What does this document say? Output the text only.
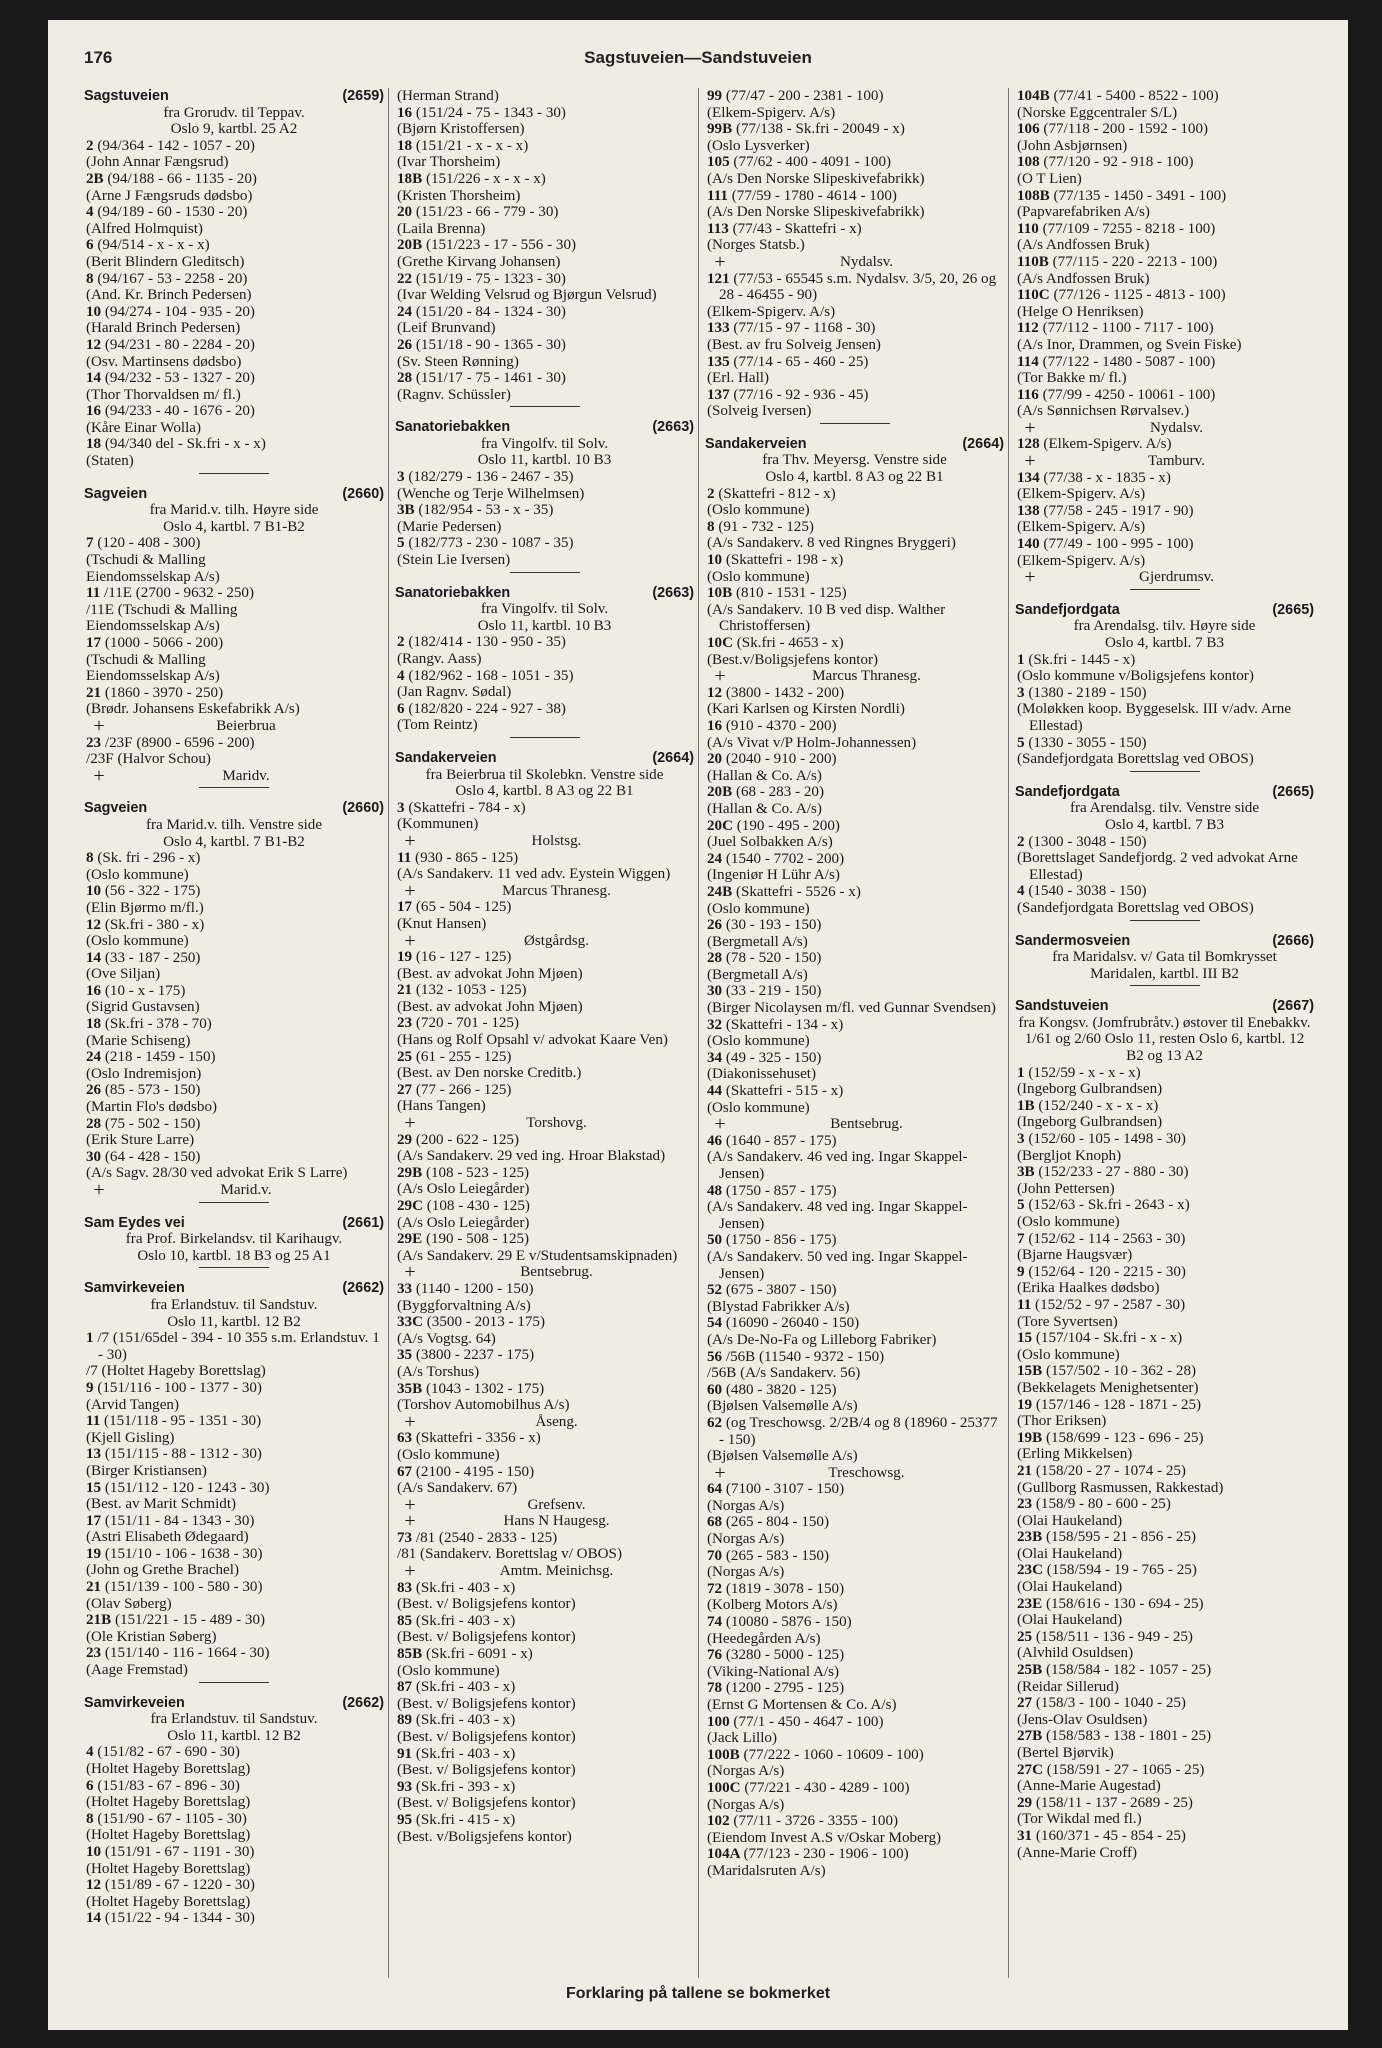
176	Sagstuveien—Sandstuveien
Sagstuveien	(2659)
fra Grorudv. til Teppav.
Oslo 9, kartbl. 25 A2
2 (94/364 - 142 - 1057 - 20)
(John Annar Fængsrud)
2B (94/188 - 66 - 1135 - 20)
(Arne J Fængsruds dødsbo)
4 (94/189 - 60 - 1530 - 20)
(Alfred Holmquist)
6 (94/514 - x - x - x)
(Berit Blindern Gleditsch)
8 (94/167 - 53 - 2258 - 20)
(And. Kr. Brinch Pedersen)
10 (94/274 - 104 - 935 - 20)
(Harald Brinch Pedersen)
12 (94/231 - 80 - 2284 - 20)
(Osv. Martinsens dødsbo)
14 (94/232 - 53 - 1327 - 20)
(Thor Thorvaldsen m/ fl.)
16 (94/233 - 40 - 1676 - 20)
(Kåre Einar Wolla)
18 (94/340 del - Sk.fri - x - x)
(Staten)
Sagveien	(2660)
fra Marid.v. tilh. Høyre side
Oslo 4, kartbl. 7 B1-B2
7 (120 - 408 - 300)
(Tschudi & Malling
Eiendomsselskap A/s)
11 /11E (2700 - 9632 - 250)
/11E (Tschudi & Malling
Eiendomsselskap A/s)
17 (1000 - 5066 - 200)
(Tschudi & Malling
Eiendomsselskap A/s)
21 (1860 - 3970 - 250)
(Brødr. Johansens Eskefabrikk A/s)
+	Beierbrua
23 /23F (8900 - 6596 - 200)
/23F (Halvor Schou)
+	Maridv.
Sagveien	(2660)
fra Marid.v. tilh. Venstre side
Oslo 4, kartbl. 7 B1-B2
8 (Sk. fri - 296 - x)
(Oslo kommune)
10 (56 - 322 - 175)
(Elin Bjørmo m/fl.)
12 (Sk.fri - 380 - x)
(Oslo kommune)
14 (33 - 187 - 250)
(Ove Siljan)
16 (10 - x - 175)
(Sigrid Gustavsen)
18 (Sk.fri - 378 - 70)
(Marie Schiseng)
24 (218 - 1459 - 150)
(Oslo Indremisjon)
26 (85 - 573 - 150)
(Martin Flo's dødsbo)
28 (75 - 502 - 150)
(Erik Sture Larre)
30 (64 - 428 - 150)
(A/s Sagv. 28/30 ved advokat Erik S Larre)
+	Marid.v.
Sam Eydes vei	(2661)
fra Prof. Birkelandsv. til Karihaugv.
Oslo 10, kartbl. 18 B3 og 25 A1
Samvirkeveien	(2662)
fra Erlandstuv. til Sandstuv.
Oslo 11, kartbl. 12 B2
1 /7 (151/65del - 394 - 10 355 s.m. Erlandstuv. 1 - 30)
/7 (Holtet Hageby Borettslag)
9 (151/116 - 100 - 1377 - 30)
(Arvid Tangen)
11 (151/118 - 95 - 1351 - 30)
(Kjell Gisling)
13 (151/115 - 88 - 1312 - 30)
(Birger Kristiansen)
15 (151/112 - 120 - 1243 - 30)
(Best. av Marit Schmidt)
17 (151/11 - 84 - 1343 - 30)
(Astri Elisabeth Ødegaard)
19 (151/10 - 106 - 1638 - 30)
(John og Grethe Brachel)
21 (151/139 - 100 - 580 - 30)
(Olav Søberg)
21B (151/221 - 15 - 489 - 30)
(Ole Kristian Søberg)
23 (151/140 - 116 - 1664 - 30)
(Aage Fremstad)
Samvirkeveien	(2662)
fra Erlandstuv. til Sandstuv.
Oslo 11, kartbl. 12 B2
4 (151/82 - 67 - 690 - 30)
(Holtet Hageby Borettslag)
6 (151/83 - 67 - 896 - 30)
(Holtet Hageby Borettslag)
8 (151/90 - 67 - 1105 - 30)
(Holtet Hageby Borettslag)
10 (151/91 - 67 - 1191 - 30)
(Holtet Hageby Borettslag)
12 (151/89 - 67 - 1220 - 30)
(Holtet Hageby Borettslag)
14 (151/22 - 94 - 1344 - 30)
(Herman Strand)
16 (151/24 - 75 - 1343 - 30)
(Bjørn Kristoffersen)
18 (151/21 - x - x - x)
(Ivar Thorsheim)
18B (151/226 - x - x - x)
(Kristen Thorsheim)
20 (151/23 - 66 - 779 - 30)
(Laila Brenna)
20B (151/223 - 17 - 556 - 30)
(Grethe Kirvang Johansen)
22 (151/19 - 75 - 1323 - 30)
(Ivar Welding Velsrud og Bjørgun Velsrud)
24 (151/20 - 84 - 1324 - 30)
(Leif Brunvand)
26 (151/18 - 90 - 1365 - 30)
(Sv. Steen Rønning)
28 (151/17 - 75 - 1461 - 30)
(Ragnv. Schüssler)
Sanatoriebakken	(2663)
fra Vingolfv. til Solv.
Oslo 11, kartbl. 10 B3
3 (182/279 - 136 - 2467 - 35)
(Wenche og Terje Wilhelmsen)
3B (182/954 - 53 - x - 35)
(Marie Pedersen)
5 (182/773 - 230 - 1087 - 35)
(Stein Lie Iversen)
Sanatoriebakken	(2663)
fra Vingolfv. til Solv.
Oslo 11, kartbl. 10 B3
2 (182/414 - 130 - 950 - 35)
(Rangv. Aass)
4 (182/962 - 168 - 1051 - 35)
(Jan Ragnv. Sødal)
6 (182/820 - 224 - 927 - 38)
(Tom Reintz)
Sandakerveien	(2664)
fra Beierbrua til Skolebkn. Venstre side
Oslo 4, kartbl. 8 A3 og 22 B1
3 (Skattefri - 784 - x)
(Kommunen)
+	Holstsg.
11 (930 - 865 - 125)
(A/s Sandakerv. 11 ved adv. Eystein Wiggen)
+	Marcus Thranesg.
17 (65 - 504 - 125)
(Knut Hansen)
+	Østgårdsg.
19 (16 - 127 - 125)
(Best. av advokat John Mjøen)
21 (132 - 1053 - 125)
(Best. av advokat John Mjøen)
23 (720 - 701 - 125)
(Hans og Rolf Opsahl v/ advokat Kaare Ven)
25 (61 - 255 - 125)
(Best. av Den norske Creditb.)
27 (77 - 266 - 125)
(Hans Tangen)
+	Torshovg.
29 (200 - 622 - 125)
(A/s Sandakerv. 29 ved ing. Hroar Blakstad)
29B (108 - 523 - 125)
(A/s Oslo Leiegårder)
29C (108 - 430 - 125)
(A/s Oslo Leiegårder)
29E (190 - 508 - 125)
(A/s Sandakerv. 29 E v/Studentsamskipnaden)
+	Bentsebrug.
33 (1140 - 1200 - 150)
(Byggforvaltning A/s)
33C (3500 - 2013 - 175)
(A/s Vogtsg. 64)
35 (3800 - 2237 - 175)
(A/s Torshus)
35B (1043 - 1302 - 175)
(Torshov Automobilhus A/s)
+	Åseng.
63 (Skattefri - 3356 - x)
(Oslo kommune)
67 (2100 - 4195 - 150)
(A/s Sandakerv. 67)
+	Grefsenv.
+	Hans N Haugesg.
73 /81 (2540 - 2833 - 125)
/81 (Sandakerv. Borettslag v/ OBOS)
+	Amtm. Meinichsg.
83 (Sk.fri - 403 - x)
(Best. v/ Boligsjefens kontor)
85 (Sk.fri - 403 - x)
(Best. v/ Boligsjefens kontor)
85B (Sk.fri - 6091 - x)
(Oslo kommune)
87 (Sk.fri - 403 - x)
(Best. v/ Boligsjefens kontor)
89 (Sk.fri - 403 - x)
(Best. v/ Boligsjefens kontor)
91 (Sk.fri - 403 - x)
(Best. v/ Boligsjefens kontor)
93 (Sk.fri - 393 - x)
(Best. v/ Boligsjefens kontor)
95 (Sk.fri - 415 - x)
(Best. v/Boligsjefens kontor)
99 (77/47 - 200 - 2381 - 100)
(Elkem-Spigerv. A/s)
99B (77/138 - Sk.fri - 20049 - x)
(Oslo Lysverker)
105 (77/62 - 400 - 4091 - 100)
(A/s Den Norske Slipeskivefabrikk)
111 (77/59 - 1780 - 4614 - 100)
(A/s Den Norske Slipeskivefabrikk)
113 (77/43 - Skattefri - x)
(Norges Statsb.)
+	Nydalsv.
121 (77/53 - 65545 s.m. Nydalsv. 3/5, 20, 26 og 28 - 46455 - 90)
(Elkem-Spigerv. A/s)
133 (77/15 - 97 - 1168 - 30)
(Best. av fru Solveig Jensen)
135 (77/14 - 65 - 460 - 25)
(Erl. Hall)
137 (77/16 - 92 - 936 - 45)
(Solveig Iversen)
Sandakerveien	(2664)
fra Thv. Meyersg. Venstre side
Oslo 4, kartbl. 8 A3 og 22 B1
2 (Skattefri - 812 - x)
(Oslo kommune)
8 (91 - 732 - 125)
(A/s Sandakerv. 8 ved Ringnes Bryggeri)
10 (Skattefri - 198 - x)
(Oslo kommune)
10B (810 - 1531 - 125)
(A/s Sandakerv. 10 B ved disp. Walther Christoffersen)
10C (Sk.fri - 4653 - x)
(Best.v/Boligsjefens kontor)
+	Marcus Thranesg.
12 (3800 - 1432 - 200)
(Kari Karlsen og Kirsten Nordli)
16 (910 - 4370 - 200)
(A/s Vivat v/P Holm-Johannessen)
20 (2040 - 910 - 200)
(Hallan & Co. A/s)
20B (68 - 283 - 20)
(Hallan & Co. A/s)
20C (190 - 495 - 200)
(Juel Solbakken A/s)
24 (1540 - 7702 - 200)
(Ingeniør H Lühr A/s)
24B (Skattefri - 5526 - x)
(Oslo kommune)
26 (30 - 193 - 150)
(Bergmetall A/s)
28 (78 - 520 - 150)
(Bergmetall A/s)
30 (33 - 219 - 150)
(Birger Nicolaysen m/fl. ved Gunnar Svendsen)
32 (Skattefri - 134 - x)
(Oslo kommune)
34 (49 - 325 - 150)
(Diakonissehuset)
44 (Skattefri - 515 - x)
(Oslo kommune)
+	Bentsebrug.
46 (1640 - 857 - 175)
(A/s Sandakerv. 46 ved ing. Ingar Skappel-Jensen)
48 (1750 - 857 - 175)
(A/s Sandakerv. 48 ved ing. Ingar Skappel-Jensen)
50 (1750 - 856 - 175)
(A/s Sandakerv. 50 ved ing. Ingar Skappel-Jensen)
52 (675 - 3807 - 150)
(Blystad Fabrikker A/s)
54 (16090 - 26040 - 150)
(A/s De-No-Fa og Lilleborg Fabriker)
56 /56B (11540 - 9372 - 150)
/56B (A/s Sandakerv. 56)
60 (480 - 3820 - 125)
(Bjølsen Valsemølle A/s)
62 (og Treschowsg. 2/2B/4 og 8 (18960 - 25377 - 150)
(Bjølsen Valsemølle A/s)
+	Treschowsg.
64 (7100 - 3107 - 150)
(Norgas A/s)
68 (265 - 804 - 150)
(Norgas A/s)
70 (265 - 583 - 150)
(Norgas A/s)
72 (1819 - 3078 - 150)
(Kolberg Motors A/s)
74 (10080 - 5876 - 150)
(Heedegården A/s)
76 (3280 - 5000 - 125)
(Viking-National A/s)
78 (1200 - 2795 - 125)
(Ernst G Mortensen & Co. A/s)
100 (77/1 - 450 - 4647 - 100)
(Jack Lillo)
100B (77/222 - 1060 - 10609 - 100)
(Norgas A/s)
100C (77/221 - 430 - 4289 - 100)
(Norgas A/s)
102 (77/11 - 3726 - 3355 - 100)
(Eiendom Invest A.S v/Oskar Moberg)
104A (77/123 - 230 - 1906 - 100)
(Maridalsruten A/s)
104B (77/41 - 5400 - 8522 - 100)
(Norske Eggcentraler S/L)
106 (77/118 - 200 - 1592 - 100)
(John Asbjørnsen)
108 (77/120 - 92 - 918 - 100)
(O T Lien)
108B (77/135 - 1450 - 3491 - 100)
(Papvarefabriken A/s)
110 (77/109 - 7255 - 8218 - 100)
(A/s Andfossen Bruk)
110B (77/115 - 220 - 2213 - 100)
(A/s Andfossen Bruk)
110C (77/126 - 1125 - 4813 - 100)
(Helge O Henriksen)
112 (77/112 - 1100 - 7117 - 100)
(A/s Inor, Drammen, og Svein Fiske)
114 (77/122 - 1480 - 5087 - 100)
(Tor Bakke m/ fl.)
116 (77/99 - 4250 - 10061 - 100)
(A/s Sønnichsen Rørvalsev.)
+	Nydalsv.
128 (Elkem-Spigerv. A/s)
+	Tamburv.
134 (77/38 - x - 1835 - x)
(Elkem-Spigerv. A/s)
138 (77/58 - 245 - 1917 - 90)
(Elkem-Spigerv. A/s)
140 (77/49 - 100 - 995 - 100)
(Elkem-Spigerv. A/s)
+	Gjerdrumsv.
Sandefjordgata	(2665)
fra Arendalsg. tilv. Høyre side
Oslo 4, kartbl. 7 B3
1 (Sk.fri - 1445 - x)
(Oslo kommune v/Boligsjefens kontor)
3 (1380 - 2189 - 150)
(Moløkken koop. Byggeselsk. III v/adv. Arne Ellestad)
5 (1330 - 3055 - 150)
(Sandefjordgata Borettslag ved OBOS)
Sandefjordgata	(2665)
fra Arendalsg. tilv. Venstre side
Oslo 4, kartbl. 7 B3
2 (1300 - 3048 - 150)
(Borettslaget Sandefjordg. 2 ved advokat Arne Ellestad)
4 (1540 - 3038 - 150)
(Sandefjordgata Borettslag ved OBOS)
Sandermosveien	(2666)
fra Maridalsv. v/ Gata til Bomkrysset
Maridalen, kartbl. III B2
Sandstuveien	(2667)
fra Kongsv. (Jomfrubråtv.) østover til Enebakkv.
1/61 og 2/60 Oslo 11, resten Oslo 6, kartbl. 12 B2 og 13 A2
1 (152/59 - x - x - x)
(Ingeborg Gulbrandsen)
1B (152/240 - x - x - x)
(Ingeborg Gulbrandsen)
3 (152/60 - 105 - 1498 - 30)
(Bergljot Knoph)
3B (152/233 - 27 - 880 - 30)
(John Pettersen)
5 (152/63 - Sk.fri - 2643 - x)
(Oslo kommune)
7 (152/62 - 114 - 2563 - 30)
(Bjarne Haugsvær)
9 (152/64 - 120 - 2215 - 30)
(Erika Haalkes dødsbo)
11 (152/52 - 97 - 2587 - 30)
(Tore Syvertsen)
15 (157/104 - Sk.fri - x - x)
(Oslo kommune)
15B (157/502 - 10 - 362 - 28)
(Bekkelagets Menighetsenter)
19 (157/146 - 128 - 1871 - 25)
(Thor Eriksen)
19B (158/699 - 123 - 696 - 25)
(Erling Mikkelsen)
21 (158/20 - 27 - 1074 - 25)
(Gullborg Rasmussen, Rakkestad)
23 (158/9 - 80 - 600 - 25)
(Olai Haukeland)
23B (158/595 - 21 - 856 - 25)
(Olai Haukeland)
23C (158/594 - 19 - 765 - 25)
(Olai Haukeland)
23E (158/616 - 130 - 694 - 25)
(Olai Haukeland)
25 (158/511 - 136 - 949 - 25)
(Alvhild Osuldsen)
25B (158/584 - 182 - 1057 - 25)
(Reidar Sillerud)
27 (158/3 - 100 - 1040 - 25)
(Jens-Olav Osuldsen)
27B (158/583 - 138 - 1801 - 25)
(Bertel Bjørvik)
27C (158/591 - 27 - 1065 - 25)
(Anne-Marie Augestad)
29 (158/11 - 137 - 2689 - 25)
(Tor Wikdal med fl.)
31 (160/371 - 45 - 854 - 25)
(Anne-Marie Croff)
Forklaring på tallene se bokmerket
